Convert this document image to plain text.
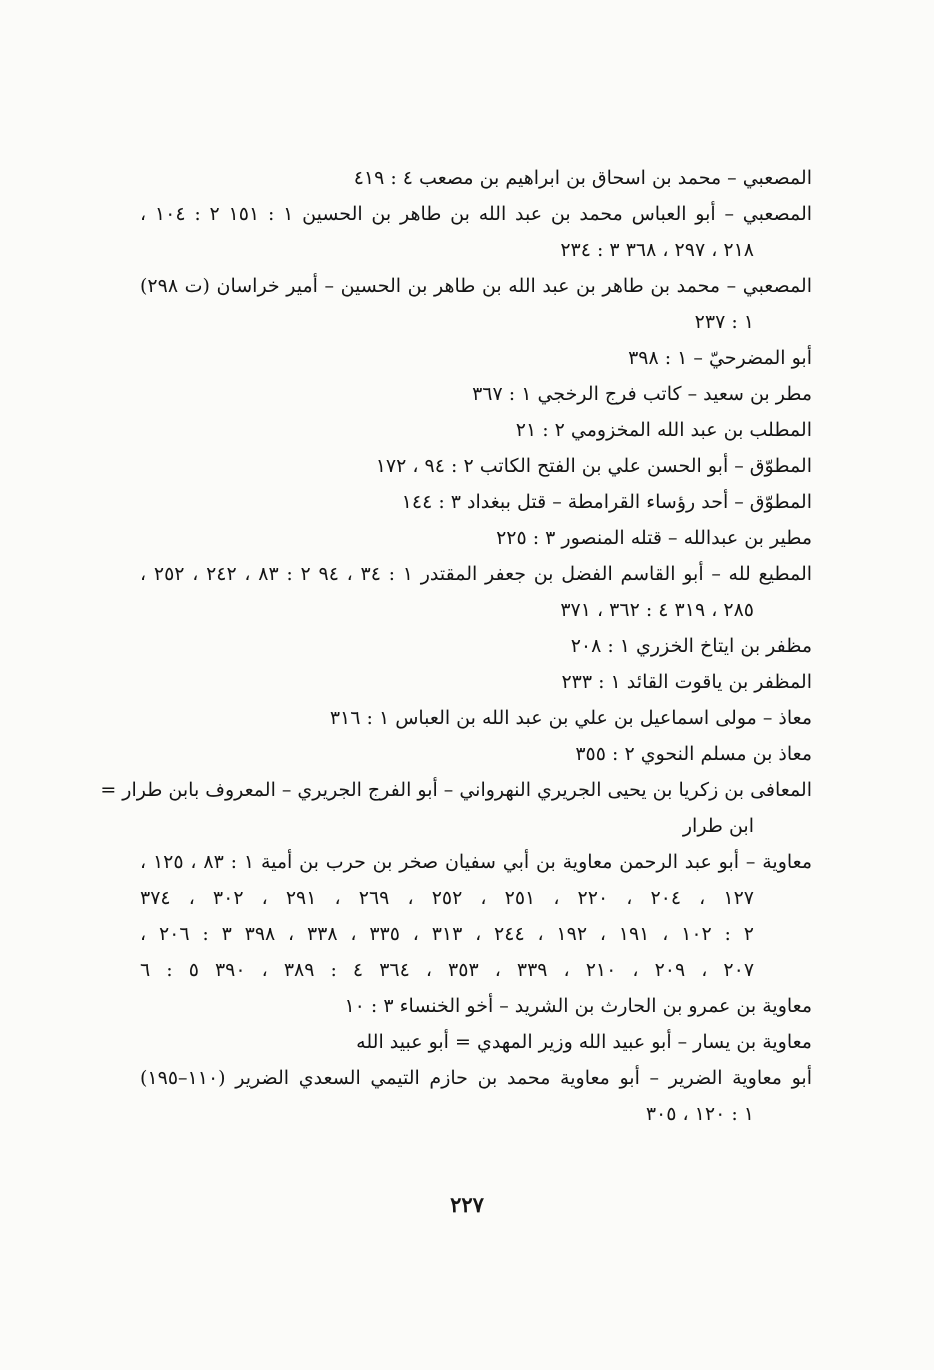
المصعبي – محمد بن اسحاق بن ابراهيم بن مصعب ٤ : ٤١٩
المصعبي – أبو العباس محمد بن عبد الله بن طاهر بن الحسين ١ : ١٥١ ٢ : ١٠٤ ،
٢١٨ ، ٢٩٧ ، ٣٦٨ ٣ : ٢٣٤
المصعبي – محمد بن طاهر بن عبد الله بن طاهر بن الحسين – أمير خراسان (ت ٢٩٨)
١ : ٢٣٧
أبو المضرحيّ – ١ : ٣٩٨
مطر بن سعيد – كاتب فرج الرخجي ١ : ٣٦٧
المطلب بن عبد الله المخزومي ٢ : ٢١
المطوّق – أبو الحسن علي بن الفتح الكاتب ٢ : ٩٤ ، ١٧٢
المطوّق – أحد رؤساء القرامطة – قتل ببغداد ٣ : ١٤٤
مطير بن عبدالله – قتله المنصور ٣ : ٢٢٥
المطيع لله – أبو القاسم الفضل بن جعفر المقتدر ١ : ٣٤ ، ٩٤ ٢ : ٨٣ ، ٢٤٢ ، ٢٥٢ ،
٢٨٥ ، ٣١٩ ٤ : ٣٦٢ ، ٣٧١
مظفر بن ايتاخ الخزري ١ : ٢٠٨
المظفر بن ياقوت القائد ١ : ٢٣٣
معاذ – مولى اسماعيل بن علي بن عبد الله بن العباس ١ : ٣١٦
معاذ بن مسلم النحوي ٢ : ٣٥٥
المعافى بن زكريا بن يحيى الجريري النهرواني – أبو الفرج الجريري – المعروف بابن طرار =
ابن طرار
معاوية – أبو عبد الرحمن معاوية بن أبي سفيان صخر بن حرب بن أمية ١ : ٨٣ ، ١٢٥ ،
١٢٧ ، ٢٠٤ ، ٢٢٠ ، ٢٥١ ، ٢٥٢ ، ٢٦٩ ، ٢٩١ ، ٣٠٢ ، ٣٧٤
٢ : ١٠٢ ، ١٩١ ، ١٩٢ ، ٢٤٤ ، ٣١٣ ، ٣٣٥ ، ٣٣٨ ، ٣٩٨ ٣ : ٢٠٦ ،
٢٠٧ ، ٢٠٩ ، ٢١٠ ، ٣٣٩ ، ٣٥٣ ، ٣٦٤ ٤ : ٣٨٩ ، ٣٩٠ ٥ : ٦
معاوية بن عمرو بن الحارث بن الشريد – أخو الخنساء ٣ : ١٠
معاوية بن يسار – أبو عبيد الله وزير المهدي = أبو عبيد الله
أبو معاوية الضرير – أبو معاوية محمد بن حازم التيمي السعدي الضرير (١١٠–١٩٥)
١ : ١٢٠ ، ٣٠٥
٢٢٧
